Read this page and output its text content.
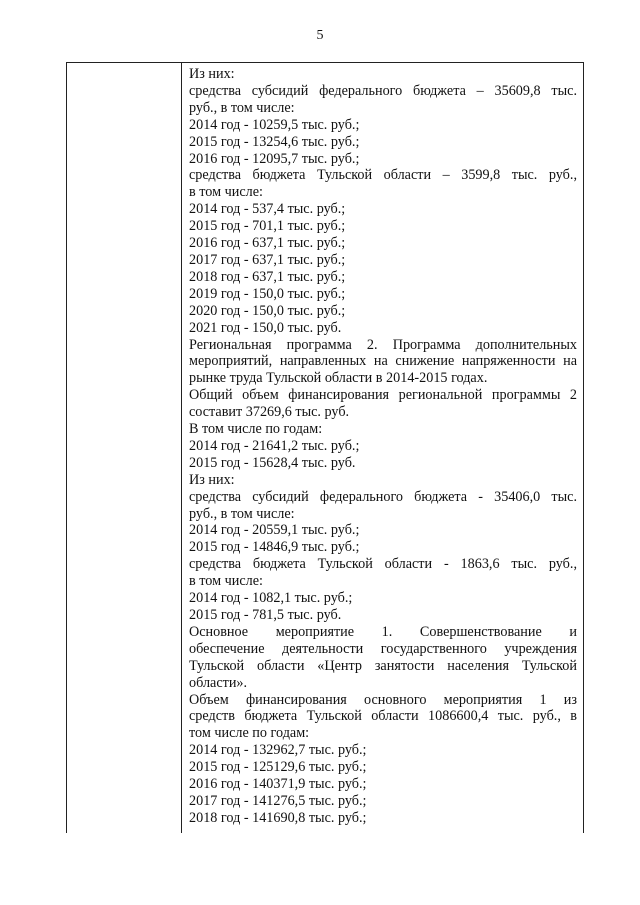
5
Из них:
средства субсидий федерального бюджета – 35609,8 тыс.
руб., в том числе:
2014 год - 10259,5 тыс. руб.;
2015 год - 13254,6 тыс. руб.;
2016 год - 12095,7 тыс. руб.;
средства бюджета Тульской области – 3599,8 тыс. руб.,
в том числе:
2014 год - 537,4 тыс. руб.;
2015 год - 701,1 тыс. руб.;
2016 год - 637,1 тыс. руб.;
2017 год - 637,1 тыс. руб.;
2018 год - 637,1 тыс. руб.;
2019 год - 150,0 тыс. руб.;
2020 год - 150,0 тыс. руб.;
2021 год - 150,0 тыс. руб.
Региональная программа 2. Программа дополнительных
мероприятий, направленных на снижение напряженности на
рынке труда Тульской области в 2014-2015 годах.
Общий объем финансирования региональной программы 2
составит 37269,6 тыс. руб.
В том числе по годам:
2014 год - 21641,2 тыс. руб.;
2015 год - 15628,4 тыс. руб.
Из них:
средства субсидий федерального бюджета - 35406,0 тыс.
руб., в том числе:
2014 год - 20559,1 тыс. руб.;
2015 год - 14846,9 тыс. руб.;
средства бюджета Тульской области - 1863,6 тыс. руб.,
в том числе:
2014 год - 1082,1 тыс. руб.;
2015 год - 781,5 тыс. руб.
Основное мероприятие 1. Совершенствование и
обеспечение деятельности государственного учреждения
Тульской области «Центр занятости населения Тульской
области».
Объем финансирования основного мероприятия 1 из
средств бюджета Тульской области 1086600,4 тыс. руб., в
том числе по годам:
2014 год - 132962,7 тыс. руб.;
2015 год - 125129,6 тыс. руб.;
2016 год - 140371,9 тыс. руб.;
2017 год - 141276,5 тыс. руб.;
2018 год - 141690,8 тыс. руб.;
